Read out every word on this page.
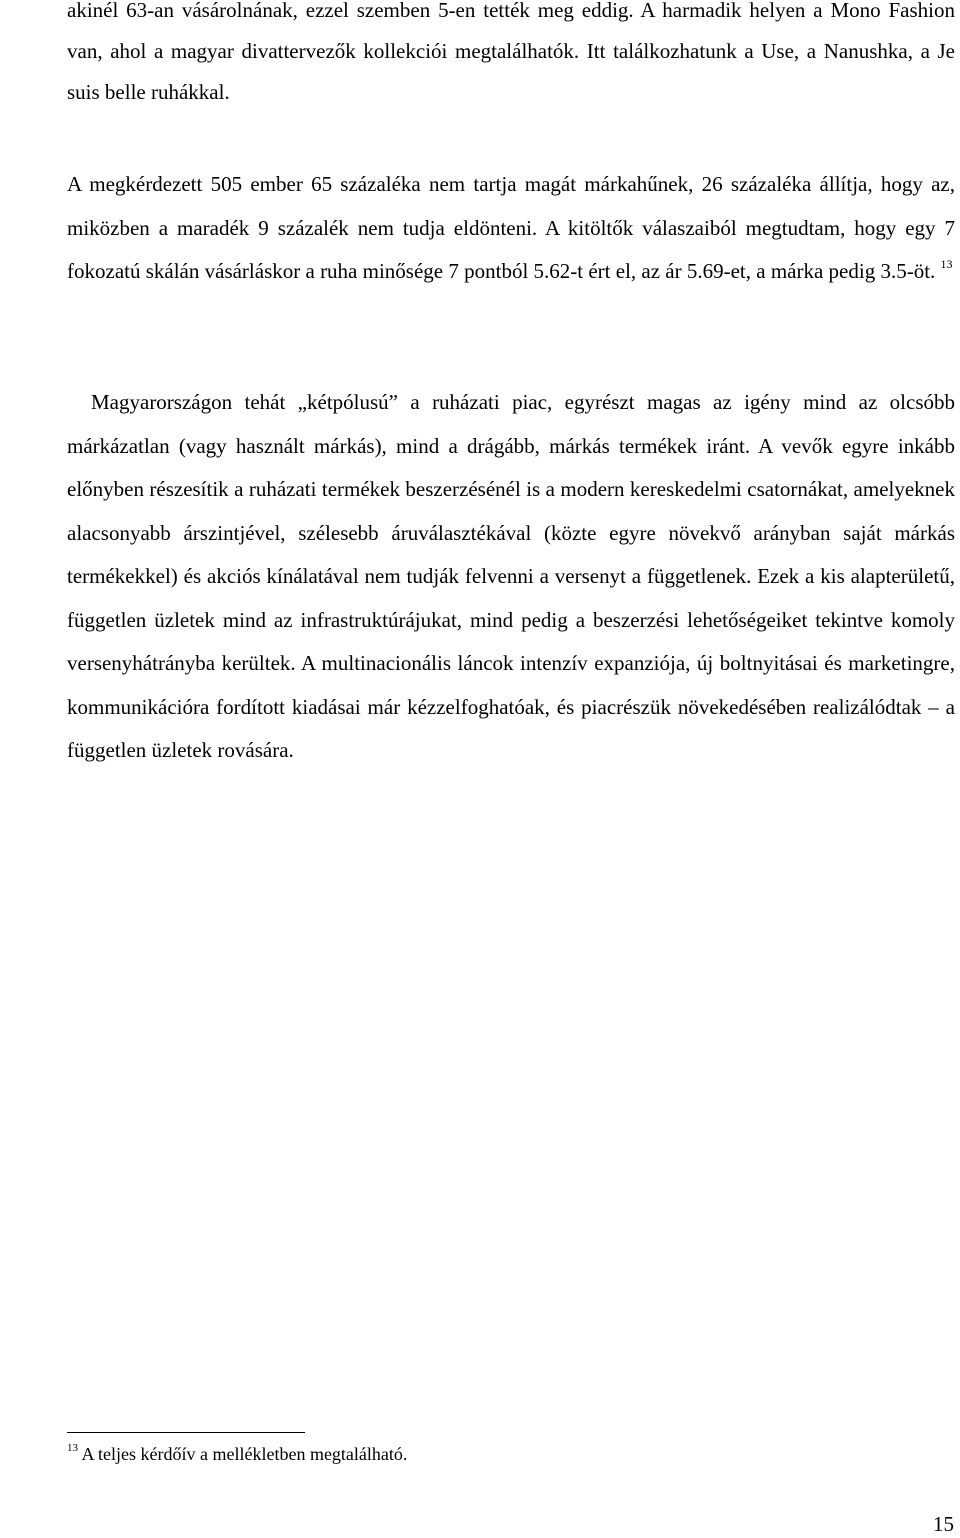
akinél 63-an vásárolnának, ezzel szemben 5-en tették meg eddig. A harmadik helyen a Mono Fashion van, ahol a magyar divattervezők kollekciói megtalálhatók. Itt találkozhatunk a Use, a Nanushka, a Je suis belle ruhákkal.

A megkérdezett 505 ember 65 százaléka nem tartja magát márkahűnek, 26 százaléka állítja, hogy az, miközben a maradék 9 százalék nem tudja eldönteni. A kitöltők válaszaiból megtudtam, hogy egy 7 fokozatú skálán vásárláskor a ruha minősége 7 pontból 5.62-t ért el, az ár 5.69-et, a márka pedig 3.5-öt. $^{13}$

Magyarországon tehát „kétpólusú” a ruházati piac, egyrészt magas az igény mind az olcsóbb márkázatlan (vagy használt márkás), mind a drágább, márkás termékek iránt. A vevők egyre inkább előnyben részesítik a ruházati termékek beszerzésénél is a modern kereskedelmi csatornákat, amelyeknek alacsonyabb árszintjével, szélesebb áruválasztékával (közte egyre növekvő arányban saját márkás termékekkel) és akciós kínálatával nem tudják felvenni a versenyt a függetlenek. Ezek a kis alapterületű, független üzletek mind az infrastruktúrájukat, mind pedig a beszerzési lehetőségeiket tekintve komoly versenyhátrányba kerültek. A multinacionális láncok intenzív expanziója, új boltnyitásai és marketingre, kommunikációra fordított kiadásai már kézzelfoghatóak, és piacrészük növekedésében realizálódtak – a független üzletek rovására.

$^{13}$ A teljes kérdőív a mellékletben megtalálható.

15
